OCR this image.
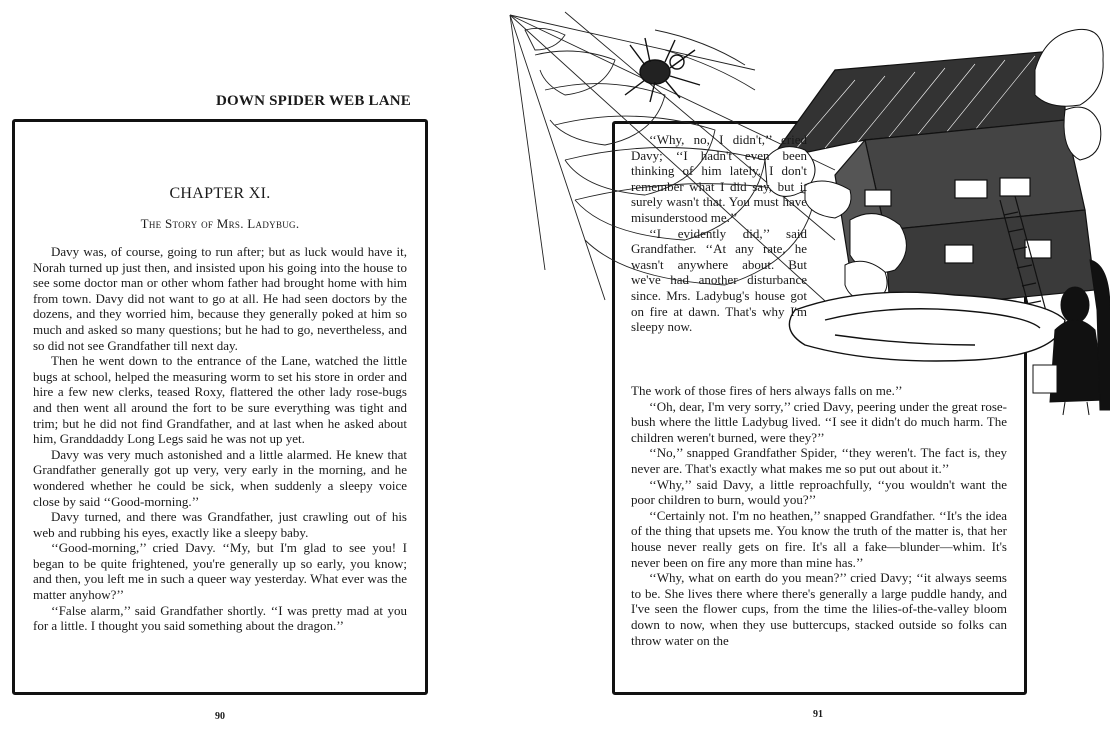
DOWN SPIDER WEB LANE
CHAPTER XI.
The Story of Mrs. Ladybug.

Davy was, of course, going to run after; but as luck would have it, Norah turned up just then, and insisted upon his going into the house to see some doctor man or other whom father had brought home with him from town. Davy did not want to go at all. He had seen doctors by the dozens, and they worried him, because they generally poked at him so much and asked so many questions; but he had to go, nevertheless, and so did not see Grandfather till next day.

Then he went down to the entrance of the Lane, watched the little bugs at school, helped the measuring worm to set his store in order and hire a few new clerks, teased Roxy, flattered the other lady rose-bugs and then went all around the fort to be sure everything was tight and trim; but he did not find Grandfather, and at last when he asked about him, Granddaddy Long Legs said he was not up yet.

Davy was very much astonished and a little alarmed. He knew that Grandfather generally got up very, very early in the morning, and he wondered whether he could be sick, when suddenly a sleepy voice close by said ‘‘Good-morning.’’

Davy turned, and there was Grandfather, just crawling out of his web and rubbing his eyes, exactly like a sleepy baby.

‘‘Good-morning,’’ cried Davy. ‘‘My, but I'm glad to see you! I began to be quite frightened, you're generally up so early, you know; and then, you left me in such a queer way yesterday. What ever was the matter anyhow?’’

‘‘False alarm,’’ said Grandfather shortly. ‘‘I was pretty mad at you for a little. I thought you said something about the dragon.’’

90

‘‘Why, no, I didn't,’’ cried Davy; ‘‘I hadn't even been thinking of him lately. I don't remember what I did say, but it surely wasn't that. You must have misunderstood me.’’

‘‘I evidently did,’’ said Grandfather. ‘‘At any rate, he wasn't anywhere about. But we've had another disturbance since. Mrs. Ladybug's house got on fire at dawn. That's why I'm sleepy now.

The work of those fires of hers always falls on me.’’

‘‘Oh, dear, I'm very sorry,’’ cried Davy, peering under the great rose-bush where the little Ladybug lived. ‘‘I see it didn't do much harm. The children weren't burned, were they?’’

‘‘No,’’ snapped Grandfather Spider, ‘‘they weren't. The fact is, they never are. That's exactly what makes me so put out about it.’’

‘‘Why,’’ said Davy, a little reproachfully, ‘‘you wouldn't want the poor children to burn, would you?’’

‘‘Certainly not. I'm no heathen,’’ snapped Grandfather. ‘‘It's the idea of the thing that upsets me. You know the truth of the matter is, that her house never really gets on fire. It's all a fake—blunder—whim. It's never been on fire any more than mine has.’’

‘‘Why, what on earth do you mean?’’ cried Davy; ‘‘it always seems to be. She lives there where there's generally a large puddle handy, and I've seen the flower cups, from the time the lilies-of-the-valley bloom down to now, when they use buttercups, stacked outside so folks can throw water on the

91
